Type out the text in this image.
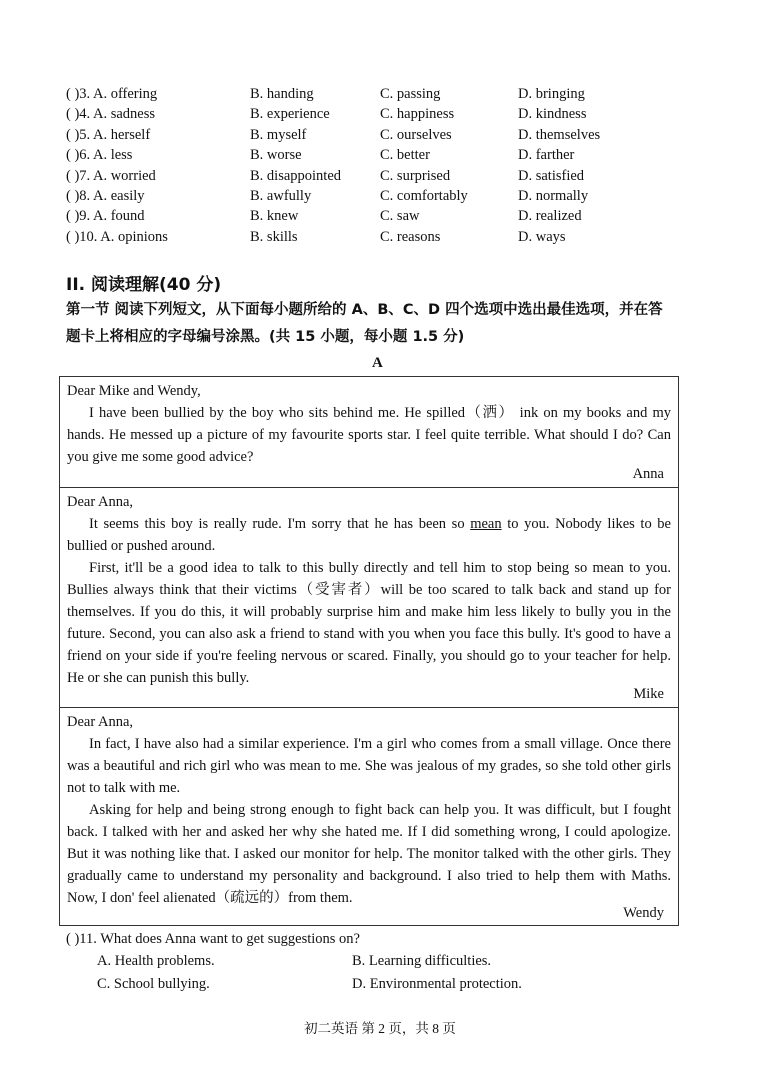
( )3. A. offering	B. handing	C. passing	D. bringing
( )4. A. sadness	B. experience	C. happiness	D. kindness
( )5. A. herself	B. myself	C. ourselves	D. themselves
( )6. A. less	B. worse	C. better	D. farther
( )7. A. worried	B. disappointed	C. surprised	D. satisfied
( )8. A. easily	B. awfully	C. comfortably	D. normally
( )9. A. found	B. knew	C. saw	D. realized
( )10. A. opinions	B. skills	C. reasons	D. ways
II. 阅读理解(40 分)
第一节 阅读下列短文，从下面每小题所给的 A、B、C、D 四个选项中选出最佳选项，并在答
题卡上将相应的字母编号涂黑。(共 15 小题，每小题 1.5 分)
A
Dear Mike and Wendy,

I have been bullied by the boy who sits behind me. He spilled（洒） ink on my books and my hands. He messed up a picture of my favourite sports star. I feel quite terrible. What should I do? Can you give me some good advice?

Anna
Dear Anna,

It seems this boy is really rude. I'm sorry that he has been so mean to you. Nobody likes to be bullied or pushed around.

First, it'll be a good idea to talk to this bully directly and tell him to stop being so mean to you. Bullies always think that their victims（受害者）will be too scared to talk back and stand up for themselves. If you do this, it will probably surprise him and make him less likely to bully you in the future. Second, you can also ask a friend to stand with you when you face this bully. It's good to have a friend on your side if you're feeling nervous or scared. Finally, you should go to your teacher for help. He or she can punish this bully.

Mike
Dear Anna,

In fact, I have also had a similar experience. I'm a girl who comes from a small village. Once there was a beautiful and rich girl who was mean to me. She was jealous of my grades, so she told other girls not to talk with me.

Asking for help and being strong enough to fight back can help you. It was difficult, but I fought back. I talked with her and asked her why she hated me. If I did something wrong, I could apologize. But it was nothing like that. I asked our monitor for help. The monitor talked with the other girls. They gradually came to understand my personality and background. I also tried to help them with Maths. Now, I don' feel alienated（疏远的）from them.

Wendy
( )11. What does Anna want to get suggestions on?
A. Health problems.	B. Learning difficulties.
C. School bullying.	D. Environmental protection.
初二英语 第 2 页，共 8 页
